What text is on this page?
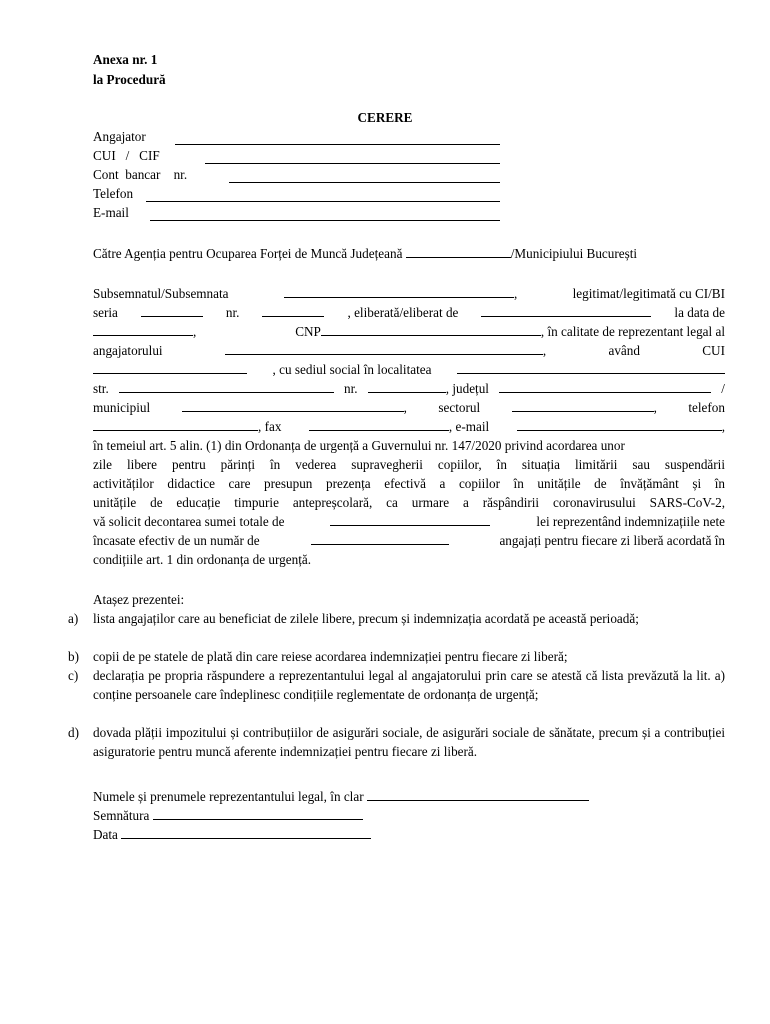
Anexa nr. 1
la Procedură
CERERE
Angajator
CUI   /   CIF
Cont  bancar    nr.
Telefon
E-mail
Către Agenția pentru Ocuparea Forței de Muncă Județeană	/Municipiului București
Subsemnatul/Subsemnata	,	legitimat/legitimată cu CI/BI
seria	nr.	, eliberată/eliberat de	la data de
,	CNP	, în calitate de reprezentant legal al
angajatorului	,	având	CUI
, cu sediul social în localitatea
str.	nr.	, județul	/
municipiul	, sectorul	, telefon
, fax	, e-mail	,
în temeiul art. 5 alin. (1) din Ordonanța de urgență a Guvernului nr. 147/2020 privind acordarea unor
zile libere pentru părinți în vederea supravegherii copiilor, în situația limitării sau suspendării
activităților didactice care presupun prezența efectivă a copiilor în unitățile de învățământ și în
unitățile de educație timpurie antepreșcolară, ca urmare a răspândirii coronavirusului SARS-CoV-2,
vă solicit decontarea sumei totale de	lei reprezentând indemnizațiile nete
încasate efectiv de un număr de	angajați pentru fiecare zi liberă acordată în
condițiile art. 1 din ordonanța de urgență.
Atașez prezentei:
a) lista angajaților care au beneficiat de zilele libere, precum și indemnizația acordată pe această perioadă;
b) copii de pe statele de plată din care reiese acordarea indemnizației pentru fiecare zi liberă;
c) declarația pe propria răspundere a reprezentantului legal al angajatorului prin care se atestă că lista prevăzută la lit. a) conține persoanele care îndeplinesc condițiile reglementate de ordonanța de urgență;
d) dovada plății impozitului și contribuțiilor de asigurări sociale, de asigurări sociale de sănătate, precum și a contribuției asiguratorie pentru muncă aferente indemnizației pentru fiecare zi liberă.
Numele și prenumele reprezentantului legal, în clar
Semnătura
Data
